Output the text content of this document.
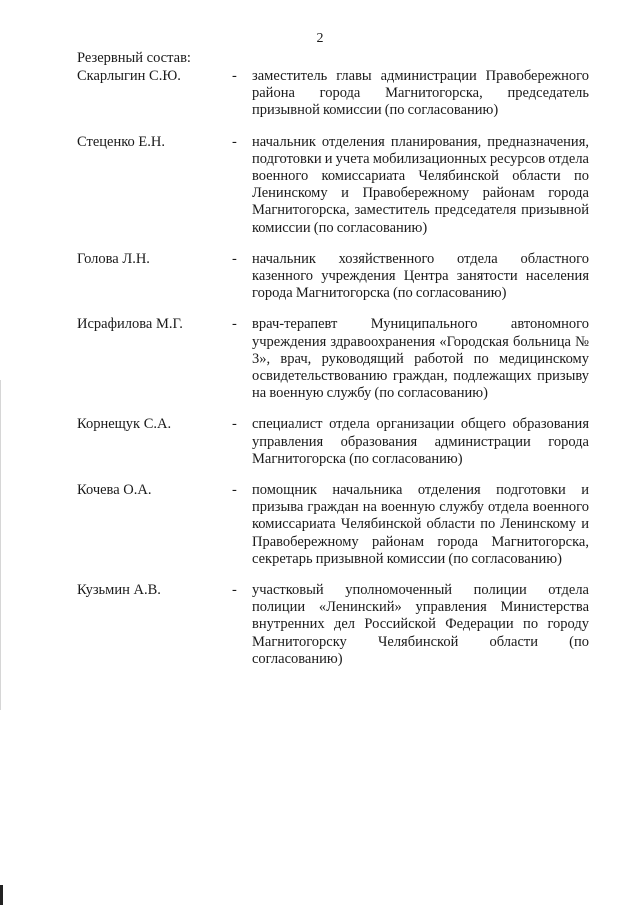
2
Резервный состав:
Скарлыгин С.Ю.	- заместитель главы администрации Правобережного района города Магнитогорска, председатель призывной комиссии (по согласованию)
Стеценко Е.Н.	- начальник отделения планирования, предназначения, подготовки и учета мобилизационных ресурсов отдела военного комиссариата Челябинской области по Ленинскому и Правобережному районам города Магнитогорска, заместитель председателя призывной комиссии (по согласованию)
Голова Л.Н.	- начальник хозяйственного отдела областного казенного учреждения Центра занятости населения города Магнитогорска (по согласованию)
Исрафилова М.Г.	- врач-терапевт Муниципального автономного учреждения здравоохранения «Городская больница № 3», врач, руководящий работой по медицинскому освидетельствованию граждан, подлежащих призыву на военную службу (по согласованию)
Корнещук С.А.	- специалист отдела организации общего образования управления образования администрации города Магнитогорска (по согласованию)
Кочева О.А.	- помощник начальника отделения подготовки и призыва граждан на военную службу отдела военного комиссариата Челябинской области по Ленинскому и Правобережному районам города Магнитогорска, секретарь призывной комиссии (по согласованию)
Кузьмин А.В.	- участковый уполномоченный полиции отдела полиции «Ленинский» управления Министерства внутренних дел Российской Федерации по городу Магнитогорску Челябинской области (по согласованию)
